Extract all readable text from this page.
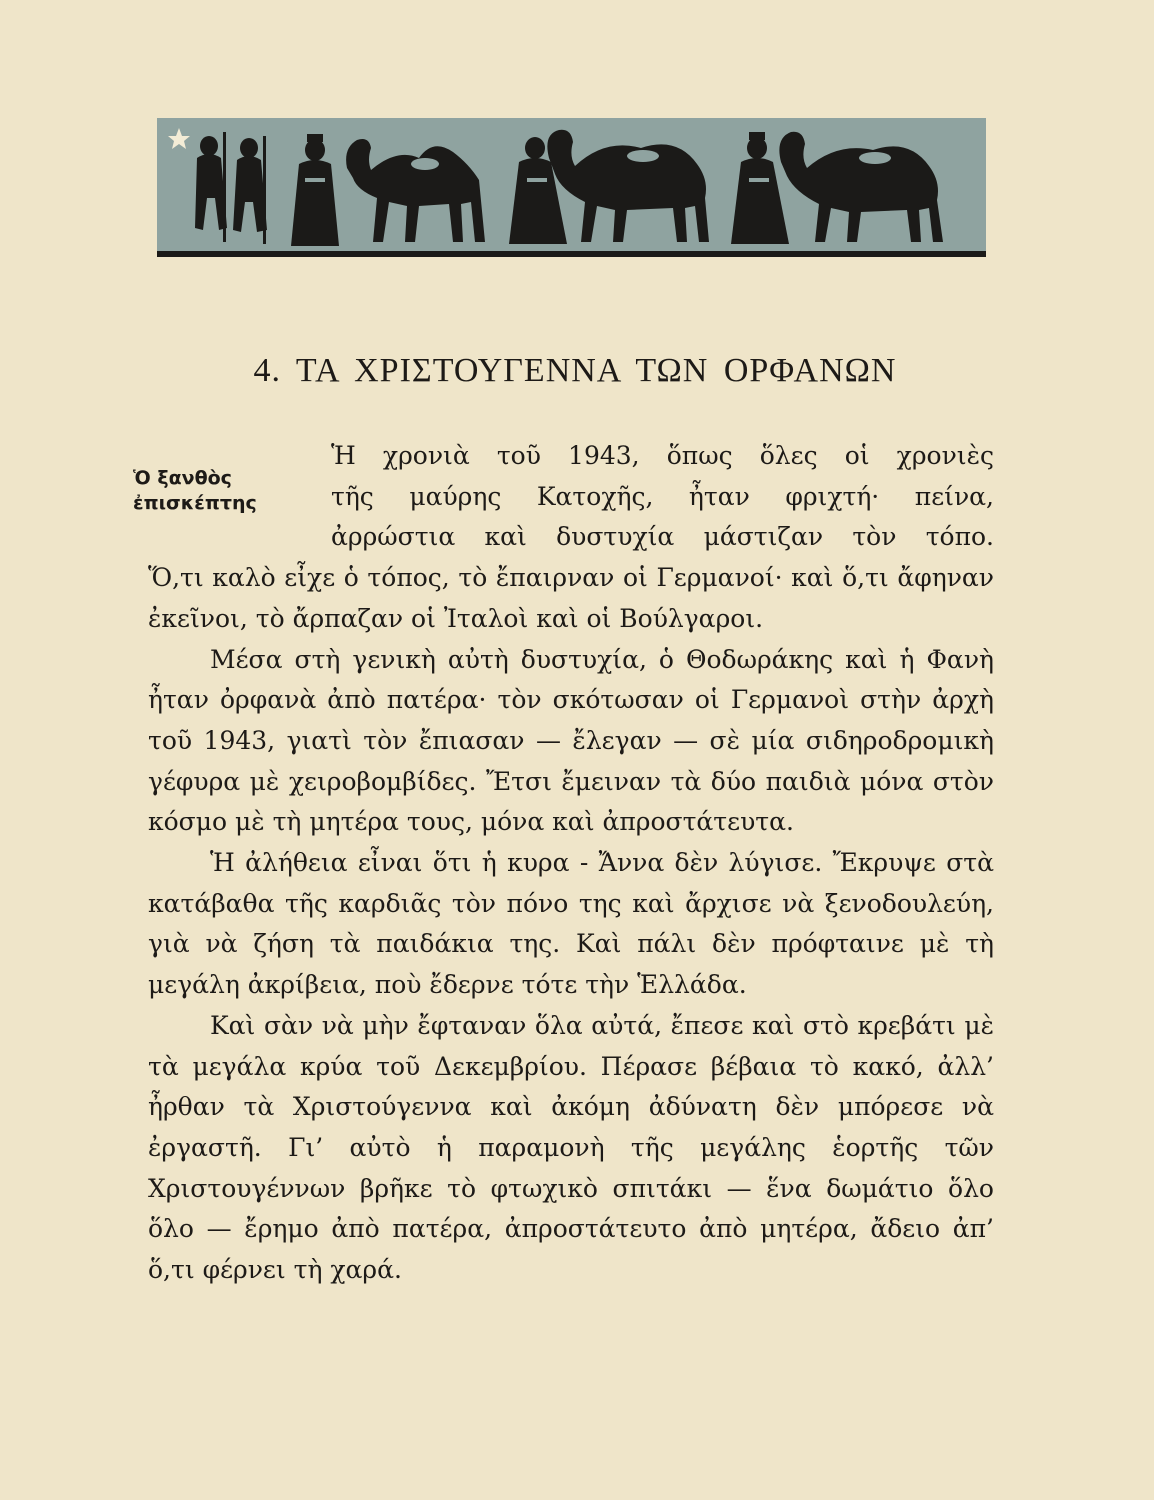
4. ΤΑ ΧΡΙΣΤΟΥΓΕΝΝΑ ΤΩΝ ΟΡΦΑΝΩΝ
Ὁ ξανθὸς
ἐπισκέπτης

Ἡ χρονιὰ τοῦ 1943, ὅπως ὅλες οἱ χρονιὲς
τῆς μαύρης Κατοχῆς, ἦταν φριχτή· πείνα,
ἀρρώστια καὶ δυστυχία μάστιζαν τὸν τόπο.

Ὅ,τι καλὸ εἶχε ὁ τόπος, τὸ ἔπαιρναν οἱ Γερμανοί· καὶ ὅ,τι ἄφηναν ἐκεῖνοι, τὸ ἄρπαζαν οἱ Ἰταλοὶ καὶ οἱ Βούλγαροι.

Μέσα στὴ γενικὴ αὐτὴ δυστυχία, ὁ Θοδωράκης καὶ ἡ Φανὴ ἦταν ὀρφανὰ ἀπὸ πατέρα· τὸν σκότωσαν οἱ Γερμανοὶ στὴν ἀρχὴ τοῦ 1943, γιατὶ τὸν ἔπιασαν — ἔλεγαν — σὲ μία σιδηροδρομικὴ γέφυρα μὲ χειροβομβίδες. Ἔτσι ἔμειναν τὰ δύο παιδιὰ μόνα στὸν κόσμο μὲ τὴ μητέρα τους, μόνα καὶ ἀπροστάτευτα.

Ἡ ἀλήθεια εἶναι ὅτι ἡ κυρα - Ἄννα δὲν λύγισε. Ἔκρυψε στὰ κατάβαθα τῆς καρδιᾶς τὸν πόνο της καὶ ἄρχισε νὰ ξενοδουλεύη, γιὰ νὰ ζήση τὰ παιδάκια της. Καὶ πάλι δὲν πρόφταινε μὲ τὴ μεγάλη ἀκρίβεια, ποὺ ἔδερνε τότε τὴν Ἑλλάδα.

Καὶ σὰν νὰ μὴν ἔφταναν ὅλα αὐτά, ἔπεσε καὶ στὸ κρεβάτι μὲ τὰ μεγάλα κρύα τοῦ Δεκεμβρίου. Πέρασε βέβαια τὸ κακό, ἀλλ’ ἦρθαν τὰ Χριστούγεννα καὶ ἀκόμη ἀδύνατη δὲν μπόρεσε νὰ ἐργαστῆ. Γι’ αὐτὸ ἡ παραμονὴ τῆς μεγάλης ἑορτῆς τῶν Χριστουγέννων βρῆκε τὸ φτωχικὸ σπιτάκι — ἕνα δωμάτιο ὅλο ὅλο — ἔρημο ἀπὸ πατέρα, ἀπροστάτευτο ἀπὸ μητέρα, ἄδειο ἀπ’ ὅ,τι φέρνει τὴ χαρά.
